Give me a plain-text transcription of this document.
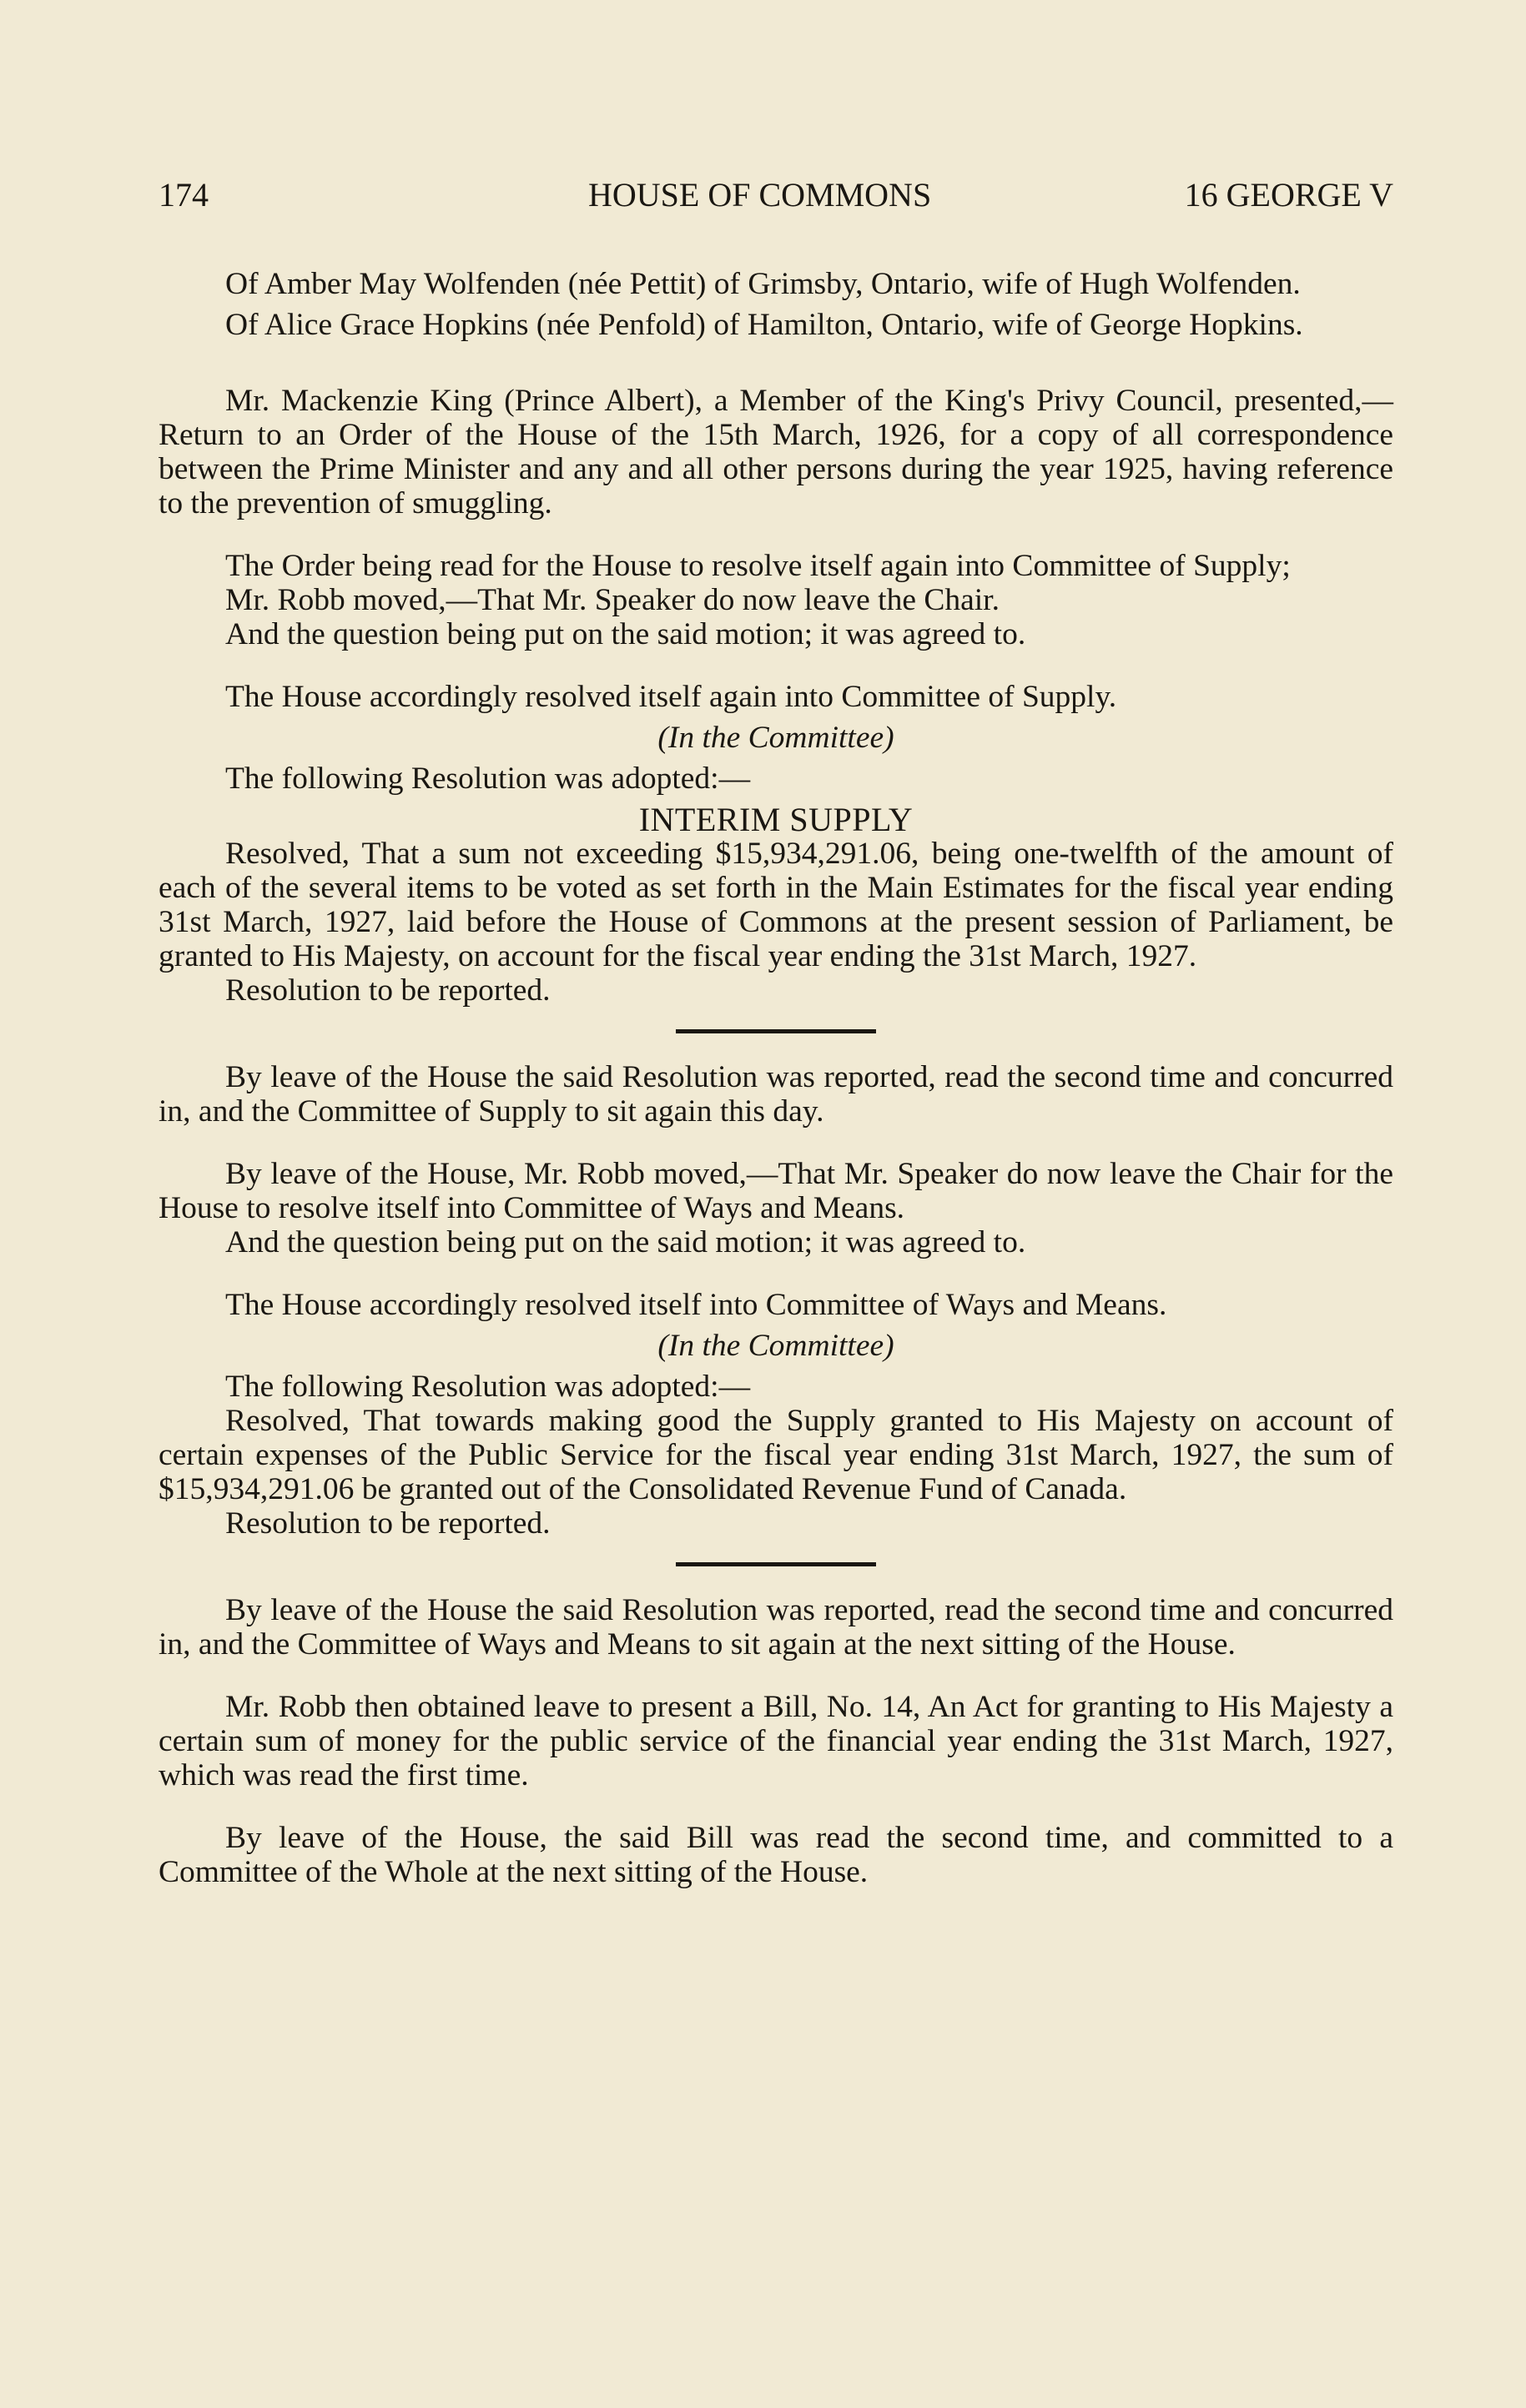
174	HOUSE OF COMMONS	16 GEORGE V

Of Amber May Wolfenden (née Pettit) of Grimsby, Ontario, wife of Hugh Wolfenden.

Of Alice Grace Hopkins (née Penfold) of Hamilton, Ontario, wife of George Hopkins.

Mr. Mackenzie King (Prince Albert), a Member of the King's Privy Council, presented,—Return to an Order of the House of the 15th March, 1926, for a copy of all correspondence between the Prime Minister and any and all other persons during the year 1925, having reference to the prevention of smuggling.

The Order being read for the House to resolve itself again into Committee of Supply;

Mr. Robb moved,—That Mr. Speaker do now leave the Chair.

And the question being put on the said motion; it was agreed to.

The House accordingly resolved itself again into Committee of Supply.

(In the Committee)

The following Resolution was adopted:—

INTERIM SUPPLY

Resolved, That a sum not exceeding $15,934,291.06, being one-twelfth of the amount of each of the several items to be voted as set forth in the Main Estimates for the fiscal year ending 31st March, 1927, laid before the House of Commons at the present session of Parliament, be granted to His Majesty, on account for the fiscal year ending the 31st March, 1927.

Resolution to be reported.

By leave of the House the said Resolution was reported, read the second time and concurred in, and the Committee of Supply to sit again this day.

By leave of the House, Mr. Robb moved,—That Mr. Speaker do now leave the Chair for the House to resolve itself into Committee of Ways and Means.

And the question being put on the said motion; it was agreed to.

The House accordingly resolved itself into Committee of Ways and Means.

(In the Committee)

The following Resolution was adopted:—

Resolved, That towards making good the Supply granted to His Majesty on account of certain expenses of the Public Service for the fiscal year ending 31st March, 1927, the sum of $15,934,291.06 be granted out of the Consolidated Revenue Fund of Canada.

Resolution to be reported.

By leave of the House the said Resolution was reported, read the second time and concurred in, and the Committee of Ways and Means to sit again at the next sitting of the House.

Mr. Robb then obtained leave to present a Bill, No. 14, An Act for granting to His Majesty a certain sum of money for the public service of the financial year ending the 31st March, 1927, which was read the first time.

By leave of the House, the said Bill was read the second time, and committed to a Committee of the Whole at the next sitting of the House.
